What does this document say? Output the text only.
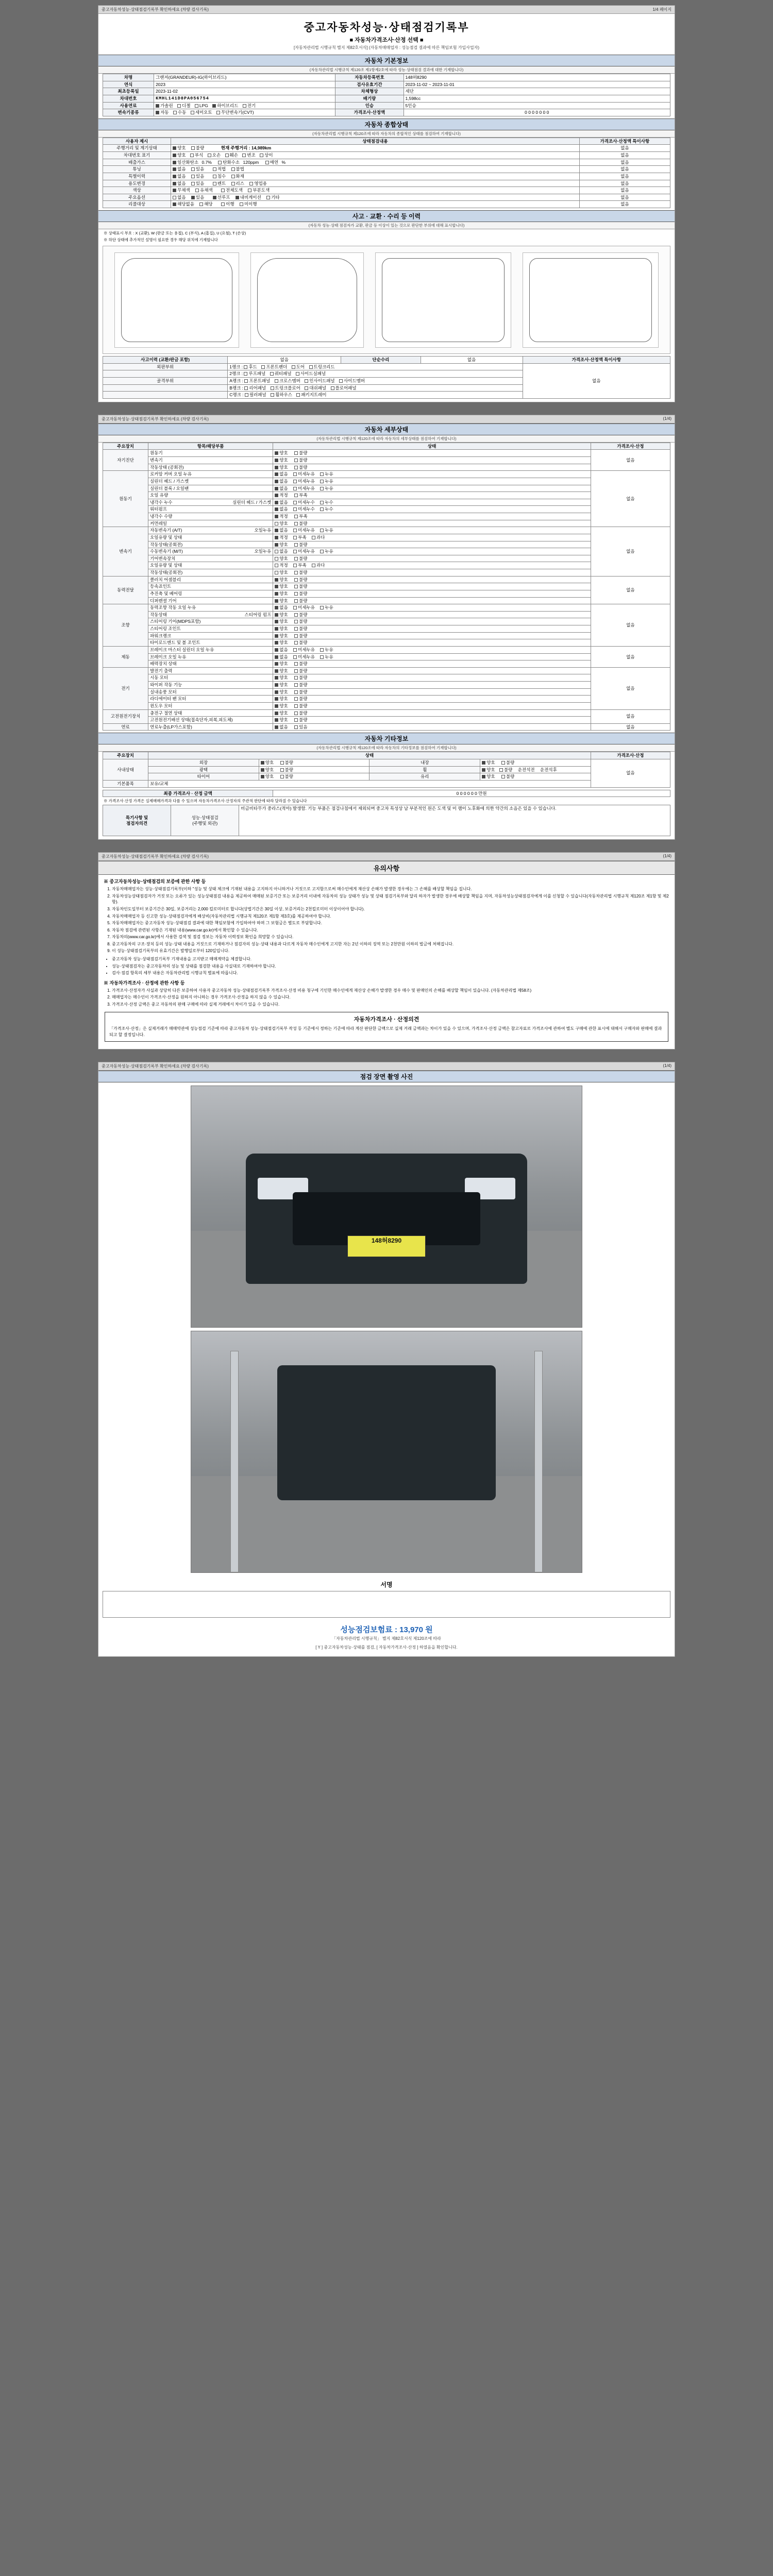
중고자동차성능·상태점검기록부 확인하세요 (차량 검사기록)	1/4 페이지
중고자동차성능·상태점검기록부
■ 자동차가격조사·산정 선택 ■
[자동차관리법 시행규칙 별지 제82호서식] (자동차매매업자 : 성능점검 결과에 따른 책임보험 가입사업자)
자동차 기본정보
(자동차관리법 시행규칙 제120조 제1항제2호에 따라 성능·상태점검 결과에 대한 기재합니다)
차명	그랜저(GRANDEUR)-IG(하이브리드)	자동차등록번호	148허8290
연식	2023	검사유효기간	2023-11-02 ~ 2023-11-01
최초등록일	2023-11-02	차체형상	세단
차대번호	KMHL141D8PA056754	배기량	1,598cc
사용연료	가솔린 디젤 LPG 하이브리드 전기	인승	5인승
변속기종류	자동 수동 세미오토 무단변속기(CVT)	가격조사·산정액	0 0 0 0 0 0 0
자동차 종합상태
(자동차관리법 시행규칙 제120조에 따라 자동차의 종합적인 상태를 점검하여 기재합니다)
사용자 제시	상태점검내용	가격조사·산정액 특이사항
주행거리 및 계기상태	양호 불량 현재 주행거리 : 14,989km	없음
차대번호 표기	양호 부식 오손 훼손 변조 상이	없음
배출가스	일산화탄소 0.7% 탄화수소 120ppm 매연 %	없음
튜닝	없음 있음 적법 불법	없음
특별이력	없음 있음 침수 화재	없음
용도변경	없음 있음 렌트 리스 영업용	없음
색상	무채색 유채색 전체도색 부분도색	없음
주요옵션	없음 있음 선루프 내비게이션 기타	없음
리콜대상	해당없음 해당 이행 미이행	없음
사고 · 교환 · 수리 등 이력
(자동차 성능·상태 점검자가 교환, 판금 등 이상이 있는 것으로 판단한 부위에 대해 표시합니다)
※ 상태표시 부호 : X (교환), W (판금 또는 용접), C (부식), A (흠집), U (요철), T (손상)
※ 하단 상태에 추가적인 설명이 필요한 경우 해당 위치에 기재합니다
사고이력 (교환/판금 포함)	없음	단순수리	없음	가격조사·산정액 특이사항
외판부위	1랭크 : 후드 프론트펜더 도어 트렁크리드			없음
	2랭크 : 루프패널 쿼터패널 사이드실패널			
골격부위	A랭크 : 프론트패널 크로스멤버 인사이드패널 사이드멤버			
	B랭크 : 리어패널 트렁크플로어 대쉬패널 플로어패널			
	C랭크 : 필러패널 휠하우스 패키지트레이			
중고자동차성능·상태점검기록부 확인하세요 (차량 검사기록)	(1/4)
자동차 세부상태
(자동차관리법 시행규칙 제120조에 따라 자동차의 세부상태를 점검하여 기재합니다)
주요장치	항목/해당부품	상태	가격조사·산정
자기진단	원동기	양호 불량	없음
	변속기	양호 불량	
	작동상태 (공회전)	양호 불량	
원동기	로커암 커버 오일 누유	없음 미세누유 누유	없음
	실린더 헤드 / 가스켓	없음 미세누유 누유	
	실린더 블록 / 오일팬	없음 미세누유 누유	
	오일 유량	적정 부족	
	냉각수 누수 실린더 헤드 / 가스켓	없음 미세누수 누수	
	워터펌프	없음 미세누수 누수	
	냉각수 수량	적정 부족	
	커먼레일	양호 불량	
변속기	자동변속기 (A/T) 오일누유	없음 미세누유 누유	없음
	오일유량 및 상태	적정 부족 과다	
	작동상태(공회전)	양호 불량	
	수동변속기 (M/T) 오일누유	없음 미세누유 누유	
	기어변속장치	양호 불량	
	오일유량 및 상태	적정 부족 과다	
	작동상태(공회전)	양호 불량	
동력전달	클러치 어셈블리	양호 불량	없음
	등속죠인트	양호 불량	
	추진축 및 베어링	양호 불량	
	디퍼렌셜 기어	양호 불량	
조향	동력조향 작동 오일 누유	없음 미세누유 누유	없음
	작동상태 스티어링 펌프	양호 불량	
	스티어링 기어(MDPS포함)	양호 불량	
	스티어링 조인트	양호 불량	
	파워크랭크	양호 불량	
	타이로드엔드 및 볼 조인트	양호 불량	
제동	브레이크 마스터 실린더 오일 누유	없음 미세누유 누유	없음
	브레이크 오일 누유	없음 미세누유 누유	
	배력장치 상태	양호 불량	
전기	발전기 출력	양호 불량	없음
	시동 모터	양호 불량	
	와이퍼 작동 기능	양호 불량	
	실내송풍 모터	양호 불량	
	라디에이터 팬 모터	양호 불량	
	윈도우 모터	양호 불량	
고전원전기장치	충전구 절연 상태	양호 불량	없음
	고전원전기배선 상태(접속단자,피복,피도체)	양호 불량	
연료	연료누출(LP가스포함)	없음 있음	없음
자동차 기타정보
(자동차관리법 시행규칙 제120조에 따라 자동차의 기타정보를 점검하여 기재합니다)
주요장치	상태				가격조사·산정
사내상태	외장	양호 불량	내장	양호 불량	없음
	광택	양호 불량	휠	양호 불량 운전석전 운전석후	
	타이어	양호 불량	유리	양호 불량	
기본품목	보유/교체				
최종 가격조사 · 산정 금액	0 0 0 0 0 0 만원
※ 가격조사·산정 가격은 실제매매가격과 다를 수 있으며 자동차가격조사·산정자의 주관적 판단에 따라 달라질 수 있습니다
특기사항 및
점검자의견	성능·상태점검
(주행및 외관)	비금비타무가 중라스(적아) 발생함. 기능 부품은 점검나침에서 제외되며 중고차 특성상 남 부분적인 원은 도색 및 미 램이 노후화에 의한 약간의 소음은 있을 수 있습니다.
중고자동차성능·상태점검기록부 확인하세요 (차량 검사기록)	(1/4)
유의사항
※ 중고자동차성능·상태점검의 보증에 관한 사항 등
1. 자동차매매업자는 성능·상태점검기록부(이하 "성능 및 상태 체크에 기재된 내용을 고지하지 아니하거나 거짓으로 고지함으로써 매수인에게 재산상 손해가 발생한 경우에는 그 손해를 배상할 책임을 집니다.
2. 자동차성능상태점검자가 거짓 또는 오류가 있는 성능상태점검 내용을 제공하여 매매된 보증기간 또는 보증거리 이내에 자동차의 성능 상태가 성능 및 상태 점검기록부와 달리 하자가 발생한 경우에 배상할 책임을 지며, 자동차성능상태점검자에게 이를 신청할 수 있습니다(자동차관리법 시행규칙 제120조 제1항 및 제2항).
3. 자동차인도일부터 보증기간은 30일, 보증거리는 2,000 킬로미터로 합니다(상법기간은 30일 이상, 보증거리는 2천킬로미터 이상이어야 합니다).
4. 자동차매매업자 등 신고한 성능·상태점검자에게 배상비(자동차관리법 시행규칙 제120조 제1항 제3호)를 제공하여야 합니다.
5. 자동차매매업자는 중고자동차 성능·상태점검 결과에 대한 책임보험에 가입하여야 하며 그 보험금은 별도로 부담합니다.
6. 자동차 점검에 관련된 사항은 기재된 내용(www.car.go.kr)에서 확인할 수 있습니다.
7. 자동차의(www.car.go.kr)에서 사용한 검색 및 점검 정보는 자동차 이력정보 확인을 희망할 수 있습니다.
8. 중고자동차의 구조·장치 등의 성능·상태 내용을 거짓으로 기재하거나 점검자의 성능·상태 내용과 다르게 자동차 매수인에게 고지한 자는 2년 이하의 징역 또는 2천만원 이하의 벌금에 처해집니다.
9. 이 성능·상태점검기록부의 유효기간은 발행일로부터 120일입니다.
• 중고자동차 성능·상태점검기록부 기재내용을 고지받고 매매계약을 체결합니다.
• 성능·상태점검자는 중고자동차의 성능 및 상태를 점검한 내용을 사실대로 기재하여야 합니다.
• 검사·점검 항목의 세부 내용은 자동차관리법 시행규칙 별표에 따릅니다.
※ 자동차가격조사 · 산정에 관한 사항 등
1. 가격조사·산정자가 사실과 상당히 다른 보증하여 사용자 중고자동차 성능·상태점검기록부 가격조사·산정 비용 청구에 기인한 매수인에게 재산상 손해가 발생한 경우 매수 및 판매인의 손해를 배상할 책임이 있습니다. (자동차관리법 제58조)
2. 매매업자는 매수인이 가격조사·산정을 원하지 아니하는 경우 가격조사·산정을 하지 않을 수 있습니다.
3. 가격조사·산정 금액은 중고 자동차의 판매 구매에 따라 실제 거래에서 차이가 있을 수 있습니다.
자동차가격조사 · 산정의견
「가격조사·산정」은 실제거래가 매매약관에 성능점검 기준에 따라 중고자동차 성능·상태점검기록부 작성 등 기준에서 정하는 기준에 따라 계산 판단한 금액으로 실제 거래 금액과는 차이가 있을 수 있으며, 가격조사·산정 금액은 참고자료로 가격조사에 관하여 별도 구매에 관한 표시에 대해서 구매자와 판매에 결과되고 할 결정입니다.
중고자동차성능·상태점검기록부 확인하세요 (차량 검사기록)	(1/4)
점검 장면 촬영 사진
148허8290
서명
성능점검보험료 : 13,970 원
「자동차관리법 시행규칙」 별지 제82호서식 제120조에 따라
[ Y ] 중고자동차성능·상태를 점검, [ 자동차가격조사·산정 ] 하였음을 확인합니다.
